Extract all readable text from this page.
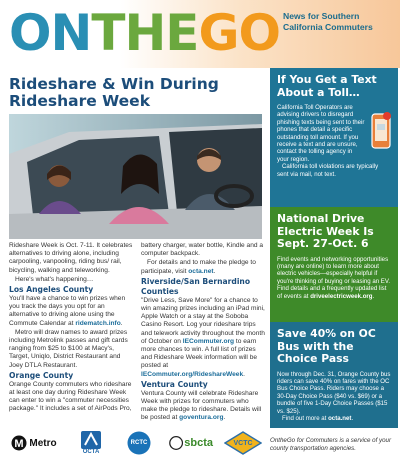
ONTHEGO News for Southern California Commuters
Rideshare & Win During Rideshare Week

Rideshare Week is Oct. 7-11. It celebrates alternatives to driving alone, including carpooling, vanpooling, riding bus/ rail, bicycling, walking and teleworking.

Here's what's happening…

Los Angeles County

You'll have a chance to win prizes when you track the days you opt for an alternative to driving alone using the Commute Calendar at ridematch.info.

Metro will draw names to award prizes including Metrolink passes and gift cards ranging from $25 to $100 at Macy's, Target, Uniqlo, District Restaurant and Joey DTLA Restaurant.

Orange County

Orange County commuters who rideshare at least one day during Rideshare Week can enter to win a "commuter necessities package." It includes a set of AirPods Pro,

battery charger, water bottle, Kindle and a computer backpack.

For details and to make the pledge to participate, visit octa.net.

Riverside/San Bernardino Counties

"Drive Less, Save More" for a chance to win amazing prizes including an iPad mini, Apple Watch or a stay at the Soboba Casino Resort. Log your rideshare trips and telework activity throughout the month of October on IECommuter.org to earn more chances to win. A full list of prizes and Rideshare Week information will be posted at IECommuter.org/RideshareWeek.

Ventura County

Ventura County will celebrate Rideshare Week with prizes for commuters who make the pledge to rideshare. Details will be posted at goventura.org.

M Metro
OCTA
RCTC	sbcta	VCTC	OntheGo for Commuters is a service of your county transportation agencies.
If You Get a Text About a Toll…

California Toll Operators are advising drivers to disregard phishing texts being sent to their phones that detail a specific outstanding toll amount. If you receive a text and are unsure, contact the tolling agency in your region.

California toll violations are typically sent via mail, not text.

National Drive Electric Week Is Sept. 27-Oct. 6

Find events and networking opportunities (many are online) to learn more about electric vehicles—especially helpful if you're thinking of buying or leasing an EV. Find details and a frequently updated list of events at driveelectricweek.org.

Save 40% on OC Bus with the Choice Pass

Now through Dec. 31, Orange County bus riders can save 40% on fares with the OC Bus Choice Pass. Riders may choose a 30-Day Choice Pass ($40 vs. $69) or a bundle of five 1-Day Choice Passes ($15 vs. $25).

Find out more at octa.net.
